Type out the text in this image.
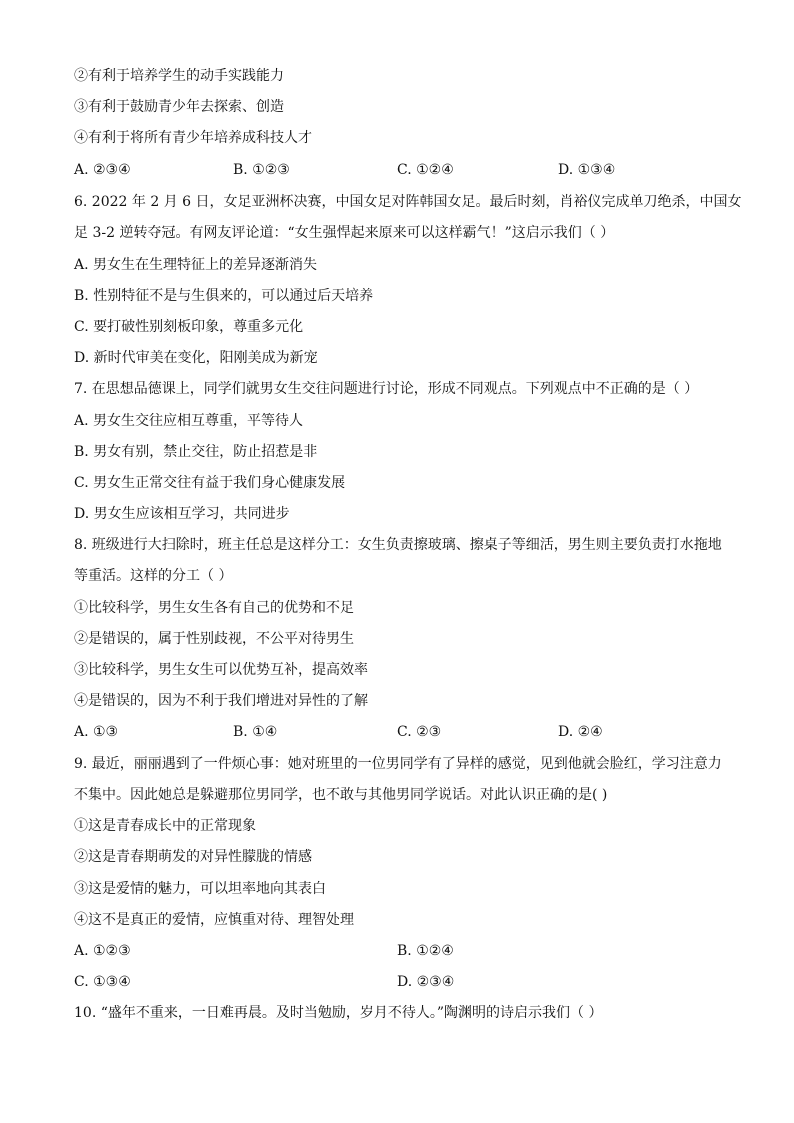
②有利于培养学生的动手实践能力
③有利于鼓励青少年去探索、创造
④有利于将所有青少年培养成科技人才
A. ②③④	B. ①②③	C. ①②④	D. ①③④
6. 2022 年 2 月 6 日，女足亚洲杯决赛，中国女足对阵韩国女足。最后时刻，肖裕仪完成单刀绝杀，中国女
足 3-2 逆转夺冠。有网友评论道：“女生强悍起来原来可以这样霸气！”这启示我们（ ）
A. 男女生在生理特征上的差异逐渐消失
B. 性别特征不是与生俱来的，可以通过后天培养
C. 要打破性别刻板印象，尊重多元化
D. 新时代审美在变化，阳刚美成为新宠
7. 在思想品德课上，同学们就男女生交往问题进行讨论，形成不同观点。下列观点中不正确的是（ ）
A. 男女生交往应相互尊重，平等待人
B. 男女有别，禁止交往，防止招惹是非
C. 男女生正常交往有益于我们身心健康发展
D. 男女生应该相互学习，共同进步
8. 班级进行大扫除时，班主任总是这样分工：女生负责擦玻璃、擦桌子等细活，男生则主要负责打水拖地
等重活。这样的分工（ ）
①比较科学，男生女生各有自己的优势和不足
②是错误的，属于性别歧视，不公平对待男生
③比较科学，男生女生可以优势互补，提高效率
④是错误的，因为不利于我们增进对异性的了解
A. ①③	B. ①④	C. ②③	D. ②④
9. 最近，丽丽遇到了一件烦心事：她对班里的一位男同学有了异样的感觉，见到他就会脸红，学习注意力
不集中。因此她总是躲避那位男同学，也不敢与其他男同学说话。对此认识正确的是( )
①这是青春成长中的正常现象
②这是青春期萌发的对异性朦胧的情感
③这是爱情的魅力，可以坦率地向其表白
④这不是真正的爱情，应慎重对待、理智处理
A. ①②③	B. ①②④
C. ①③④	D. ②③④
10. “盛年不重来，一日难再晨。及时当勉励，岁月不待人。”陶渊明的诗启示我们（ ）
